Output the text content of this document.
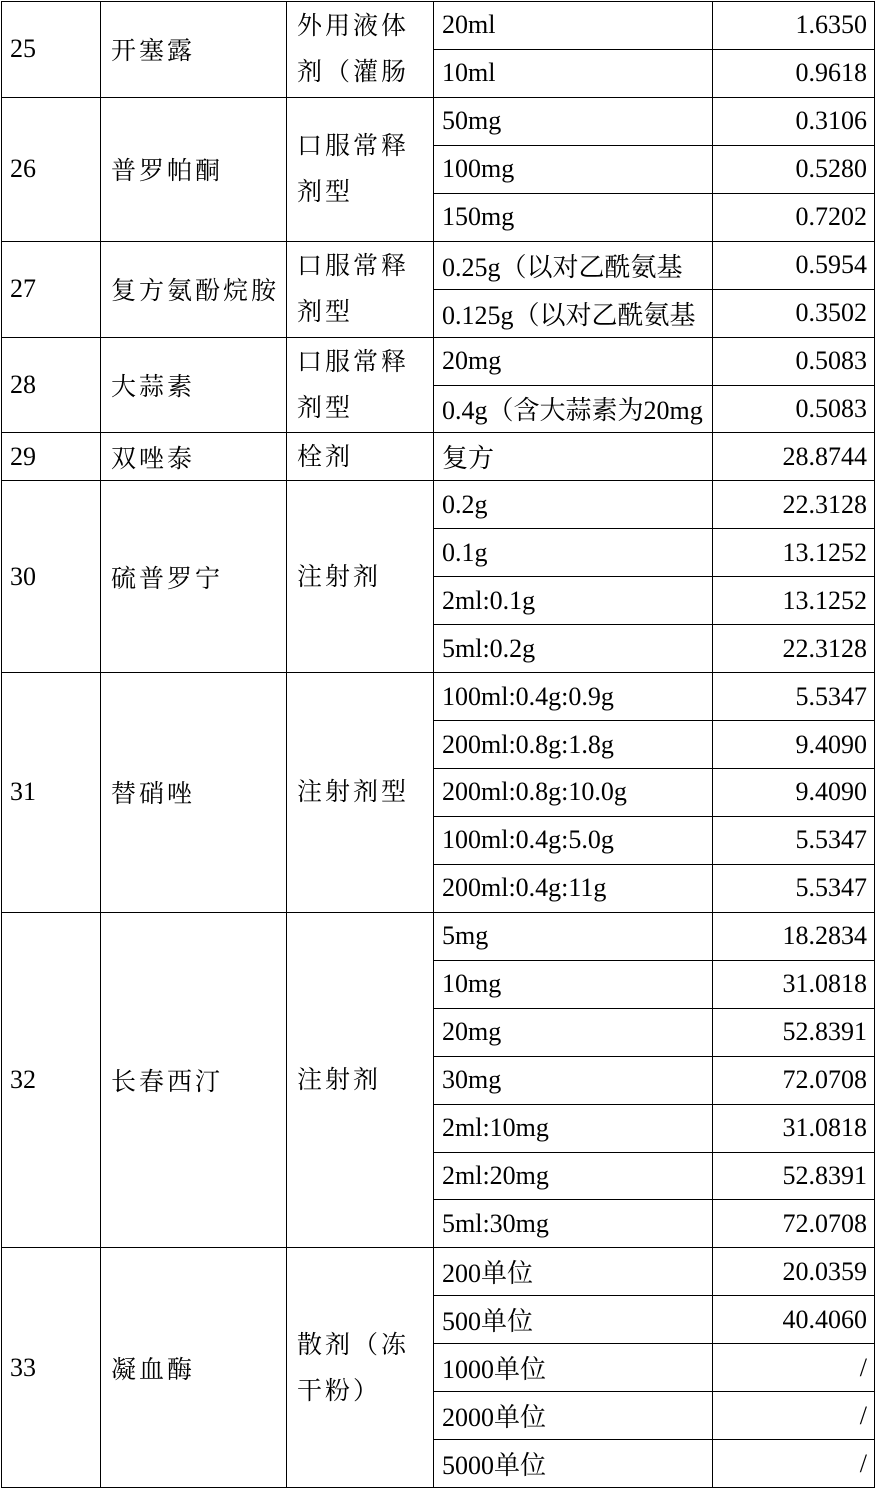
25	开塞露	外用液体剂（灌肠	20ml	1.6350
			10ml	0.9618
26	普罗帕酮	口服常释剂型	50mg	0.3106
			100mg	0.5280
			150mg	0.7202
27	复方氨酚烷胺	口服常释剂型	0.25g（以对乙酰氨基	0.5954
			0.125g（以对乙酰氨基	0.3502
28	大蒜素	口服常释剂型	20mg	0.5083
			0.4g（含大蒜素为20mg	0.5083
29	双唑泰	栓剂	复方	28.8744
30	硫普罗宁	注射剂	0.2g	22.3128
			0.1g	13.1252
			2ml:0.1g	13.1252
			5ml:0.2g	22.3128
31	替硝唑	注射剂型	100ml:0.4g:0.9g	5.5347
			200ml:0.8g:1.8g	9.4090
			200ml:0.8g:10.0g	9.4090
			100ml:0.4g:5.0g	5.5347
			200ml:0.4g:11g	5.5347
32	长春西汀	注射剂	5mg	18.2834
			10mg	31.0818
			20mg	52.8391
			30mg	72.0708
			2ml:10mg	31.0818
			2ml:20mg	52.8391
			5ml:30mg	72.0708
33	凝血酶	散剂（冻干粉）	200单位	20.0359
			500单位	40.4060
			1000单位	/
			2000单位	/
			5000单位	/
